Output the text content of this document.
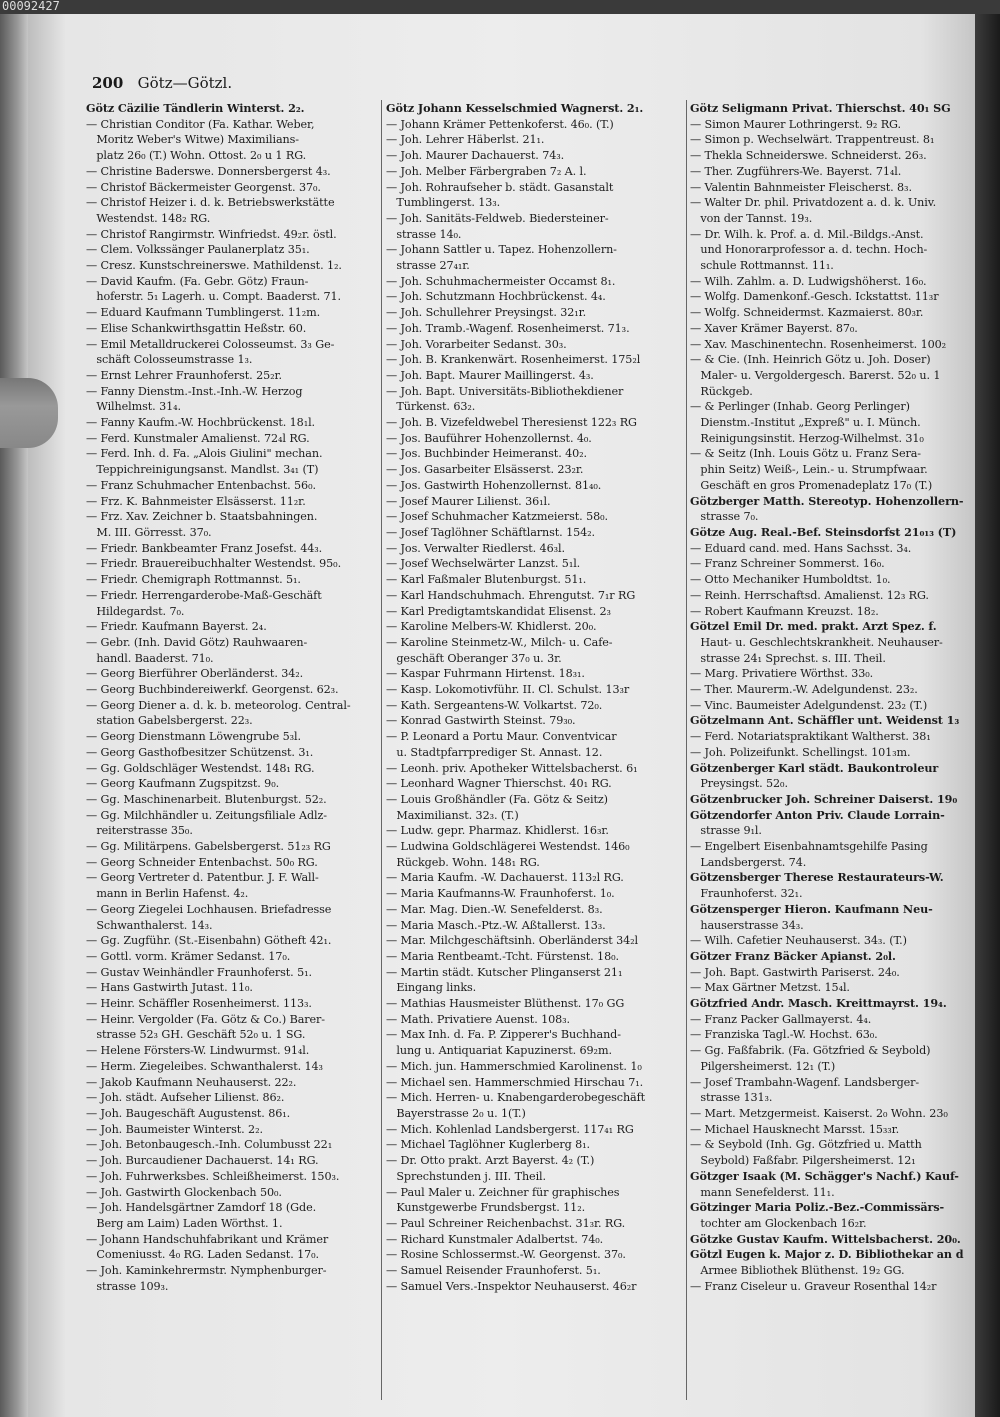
00092427
200 Götz—Götzl.
Götz Cäzilie Tändlerin Winterst. 2₂.
— Christian Conditor (Fa. Kathar. Weber,
Moritz Weber's Witwe) Maximilians-
platz 26₀ (T.) Wohn. Ottost. 2₀ u 1 RG.
— Christine Baderswe. Donnersbergerst 4₃.
— Christof Bäckermeister Georgenst. 37₀.
— Christof Heizer i. d. k. Betriebswerkstätte
Westendst. 148₂ RG.
— Christof Rangirmstr. Winfriedst. 49₂r. östl.
— Clem. Volkssänger Paulanerplatz 35₁.
— Cresz. Kunstschreinerswe. Mathildenst. 1₂.
— David Kaufm. (Fa. Gebr. Götz) Fraun-
hoferstr. 5₁ Lagerh. u. Compt. Baaderst. 71.
— Eduard Kaufmann Tumblingerst. 11₂m.
— Elise Schankwirthsgattin Heßstr. 60.
— Emil Metalldruckerei Colosseumst. 3₃ Ge-
schäft Colosseumstrasse 1₃.
— Ernst Lehrer Fraunhoferst. 25₂r.
— Fanny Dienstm.-Inst.-Inh.-W. Herzog
Wilhelmst. 31₄.
— Fanny Kaufm.-W. Hochbrückenst. 18₁l.
— Ferd. Kunstmaler Amalienst. 72₄l RG.
— Ferd. Inh. d. Fa. „Alois Giulini" mechan.
Teppichreinigungsanst. Mandlst. 3₄₁ (T)
— Franz Schuhmacher Entenbachst. 56₀.
— Frz. K. Bahnmeister Elsässerst. 11₂r.
— Frz. Xav. Zeichner b. Staatsbahningen.
M. III. Görresst. 37₀.
— Friedr. Bankbeamter Franz Josefst. 44₃.
— Friedr. Brauereibuchhalter Westendst. 95₀.
— Friedr. Chemigraph Rottmannst. 5₁.
— Friedr. Herrengarderobe-Maß-Geschäft
Hildegardst. 7₀.
— Friedr. Kaufmann Bayerst. 2₄.
— Gebr. (Inh. David Götz) Rauhwaaren-
handl. Baaderst. 71₀.
— Georg Bierführer Oberländerst. 34₂.
— Georg Buchbindereiwerkf. Georgenst. 62₃.
— Georg Diener a. d. k. b. meteorolog. Central-
station Gabelsbergerst. 22₃.
— Georg Dienstmann Löwengrube 5₃l.
— Georg Gasthofbesitzer Schützenst. 3₁.
— Gg. Goldschläger Westendst. 148₁ RG.
— Georg Kaufmann Zugspitzst. 9₀.
— Gg. Maschinenarbeit. Blutenburgst. 52₂.
— Gg. Milchhändler u. Zeitungsfiliale Adlz-
reiterstrasse 35₀.
— Gg. Militärpens. Gabelsbergerst. 51₂₃ RG
— Georg Schneider Entenbachst. 50₀ RG.
— Georg Vertreter d. Patentbur. J. F. Wall-
mann in Berlin Hafenst. 4₂.
— Georg Ziegelei Lochhausen. Briefadresse
Schwanthalerst. 14₃.
— Gg. Zugführ. (St.-Eisenbahn) Götheft 42₁.
— Gottl. vorm. Krämer Sedanst. 17₀.
— Gustav Weinhändler Fraunhoferst. 5₁.
— Hans Gastwirth Jutast. 11₀.
— Heinr. Schäffler Rosenheimerst. 113₃.
— Heinr. Vergolder (Fa. Götz & Co.) Barer-
strasse 52₃ GH. Geschäft 52₀ u. 1 SG.
— Helene Försters-W. Lindwurmst. 91₄l.
— Herm. Ziegeleibes. Schwanthalerst. 14₃
— Jakob Kaufmann Neuhauserst. 22₂.
— Joh. städt. Aufseher Lilienst. 86₂.
— Joh. Baugeschäft Augustenst. 86₁.
— Joh. Baumeister Winterst. 2₂.
— Joh. Betonbaugesch.-Inh. Columbusst 22₁
— Joh. Burcaudiener Dachauerst. 14₁ RG.
— Joh. Fuhrwerksbes. Schleißheimerst. 150₃.
— Joh. Gastwirth Glockenbach 50₀.
— Joh. Handelsgärtner Zamdorf 18 (Gde.
Berg am Laim) Laden Wörthst. 1.
— Johann Handschuhfabrikant und Krämer
Comeniusst. 4₀ RG. Laden Sedanst. 17₀.
— Joh. Kaminkehrermstr. Nymphenburger-
strasse 109₃.
Götz Johann Kesselschmied Wagnerst. 2₁.
— Johann Krämer Pettenkoferst. 46₀. (T.)
— Joh. Lehrer Häberlst. 21₁.
— Joh. Maurer Dachauerst. 74₃.
— Joh. Melber Färbergraben 7₂ A. l.
— Joh. Rohraufseher b. städt. Gasanstalt
Tumblingerst. 13₃.
— Joh. Sanitäts-Feldweb. Biedersteiner-
strasse 14₀.
— Johann Sattler u. Tapez. Hohenzollern-
strasse 27₄₁r.
— Joh. Schuhmachermeister Occamst 8₁.
— Joh. Schutzmann Hochbrückenst. 4₄.
— Joh. Schullehrer Preysingst. 32₁r.
— Joh. Tramb.-Wagenf. Rosenheimerst. 71₃.
— Joh. Vorarbeiter Sedanst. 30₃.
— Joh. B. Krankenwärt. Rosenheimerst. 175₂l
— Joh. Bapt. Maurer Maillingerst. 4₃.
— Joh. Bapt. Universitäts-Bibliothekdiener
Türkenst. 63₂.
— Joh. B. Vizefeldwebel Theresienst 122₃ RG
— Jos. Bauführer Hohenzollernst. 4₀.
— Jos. Buchbinder Heimeranst. 40₂.
— Jos. Gasarbeiter Elsässerst. 23₂r.
— Jos. Gastwirth Hohenzollernst. 81₄₀.
— Josef Maurer Lilienst. 36₁l.
— Josef Schuhmacher Katzmeierst. 58₀.
— Josef Taglöhner Schäftlarnst. 154₂.
— Jos. Verwalter Riedlerst. 46₃l.
— Josef Wechselwärter Lanzst. 5₁l.
— Karl Faßmaler Blutenburgst. 51₁.
— Karl Handschuhmach. Ehrengutst. 7₁r RG
— Karl Predigtamtskandidat Elisenst. 2₃
— Karoline Melbers-W. Khidlerst. 20₀.
— Karoline Steinmetz-W., Milch- u. Cafe-
geschäft Oberanger 37₀ u. 3r.
— Kaspar Fuhrmann Hirtenst. 18₃₁.
— Kasp. Lokomotivführ. II. Cl. Schulst. 13₃r
— Kath. Sergeantens-W. Volkartst. 72₀.
— Konrad Gastwirth Steinst. 79₃₀.
— P. Leonard a Portu Maur. Conventvicar
u. Stadtpfarrprediger St. Annast. 12.
— Leonh. priv. Apotheker Wittelsbacherst. 6₁
— Leonhard Wagner Thierschst. 40₁ RG.
— Louis Großhändler (Fa. Götz & Seitz)
Maximilianst. 32₃. (T.)
— Ludw. gepr. Pharmaz. Khidlerst. 16₃r.
— Ludwina Goldschlägerei Westendst. 146₀
Rückgeb. Wohn. 148₁ RG.
— Maria Kaufm. -W. Dachauerst. 113₂l RG.
— Maria Kaufmanns-W. Fraunhoferst. 1₀.
— Mar. Mag. Dien.-W. Senefelderst. 8₃.
— Maria Masch.-Ptz.-W. Aßtallerst. 13₃.
— Mar. Milchgeschäftsinh. Oberländerst 34₂l
— Maria Rentbeamt.-Tcht. Fürstenst. 18₀.
— Martin städt. Kutscher Plinganserst 21₁
Eingang links.
— Mathias Hausmeister Blüthenst. 17₀ GG
— Math. Privatiere Auenst. 108₃.
— Max Inh. d. Fa. P. Zipperer's Buchhand-
lung u. Antiquariat Kapuzinerst. 69₂m.
— Mich. jun. Hammerschmied Karolinenst. 1₀
— Michael sen. Hammerschmied Hirschau 7₁.
— Mich. Herren- u. Knabengarderobegeschäft
Bayerstrasse 2₀ u. 1(T.)
— Mich. Kohlenlad Landsbergerst. 117₄₁ RG
— Michael Taglöhner Kuglerberg 8₁.
— Dr. Otto prakt. Arzt Bayerst. 4₂ (T.)
Sprechstunden j. III. Theil.
— Paul Maler u. Zeichner für graphisches
Kunstgewerbe Frundsbergst. 11₂.
— Paul Schreiner Reichenbachst. 31₃r. RG.
— Richard Kunstmaler Adalbertst. 74₀.
— Rosine Schlossermst.-W. Georgenst. 37₀.
— Samuel Reisender Fraunhoferst. 5₁.
— Samuel Vers.-Inspektor Neuhauserst. 46₂r
Götz Seligmann Privat. Thierschst. 40₁ SG
— Simon Maurer Lothringerst. 9₂ RG.
— Simon p. Wechselwärt. Trappentreust. 8₁
— Thekla Schneiderswe. Schneiderst. 26₃.
— Ther. Zugführers-We. Bayerst. 71₄l.
— Valentin Bahnmeister Fleischerst. 8₃.
— Walter Dr. phil. Privatdozent a. d. k. Univ.
von der Tannst. 19₃.
— Dr. Wilh. k. Prof. a. d. Mil.-Bildgs.-Anst.
und Honorarprofessor a. d. techn. Hoch-
schule Rottmannst. 11₁.
— Wilh. Zahlm. a. D. Ludwigshöherst. 16₀.
— Wolfg. Damenkonf.-Gesch. Ickstattst. 11₃r
— Wolfg. Schneidermst. Kazmaierst. 80₃r.
— Xaver Krämer Bayerst. 87₀.
— Xav. Maschinentechn. Rosenheimerst. 100₂
— & Cie. (Inh. Heinrich Götz u. Joh. Doser)
Maler- u. Vergoldergesch. Barerst. 52₀ u. 1
Rückgeb.
— & Perlinger (Inhab. Georg Perlinger)
Dienstm.-Institut „Expreß" u. I. Münch.
Reinigungsinstit. Herzog-Wilhelmst. 31₀
— & Seitz (Inh. Louis Götz u. Franz Sera-
phin Seitz) Weiß-, Lein.- u. Strumpfwaar.
Geschäft en gros Promenadeplatz 17₀ (T.)
Götzberger Matth. Stereotyp. Hohenzollern-
strasse 7₀.
Götze Aug. Real.-Bef. Steinsdorfst 21₀₁₃ (T)
— Eduard cand. med. Hans Sachsst. 3₄.
— Franz Schreiner Sommerst. 16₀.
— Otto Mechaniker Humboldtst. 1₀.
— Reinh. Herrschaftsd. Amalienst. 12₃ RG.
— Robert Kaufmann Kreuzst. 18₂.
Götzel Emil Dr. med. prakt. Arzt Spez. f.
Haut- u. Geschlechtskrankheit. Neuhauser-
strasse 24₁ Sprechst. s. III. Theil.
— Marg. Privatiere Wörthst. 33₀.
— Ther. Maurerm.-W. Adelgundenst. 23₂.
— Vinc. Baumeister Adelgundenst. 23₂ (T.)
Götzelmann Ant. Schäffler unt. Weidenst 1₃
— Ferd. Notariatspraktikant Waltherst. 38₁
— Joh. Polizeifunkt. Schellingst. 101₃m.
Götzenberger Karl städt. Baukontroleur
Preysingst. 52₀.
Götzenbrucker Joh. Schreiner Daiserst. 19₀
Götzendorfer Anton Priv. Claude Lorrain-
strasse 9₁l.
— Engelbert Eisenbahnamtsgehilfe Pasing
Landsbergerst. 74.
Götzensberger Therese Restaurateurs-W.
Fraunhoferst. 32₁.
Götzensperger Hieron. Kaufmann Neu-
hauserstrasse 34₃.
— Wilh. Cafetier Neuhauserst. 34₃. (T.)
Götzer Franz Bäcker Apianst. 2₀l.
— Joh. Bapt. Gastwirth Pariserst. 24₀.
— Max Gärtner Metzst. 15₄l.
Götzfried Andr. Masch. Kreittmayrst. 19₄.
— Franz Packer Gallmayerst. 4₄.
— Franziska Tagl.-W. Hochst. 63₀.
— Gg. Faßfabrik. (Fa. Götzfried & Seybold)
Pilgersheimerst. 12₁ (T.)
— Josef Trambahn-Wagenf. Landsberger-
strasse 131₃.
— Mart. Metzgermeist. Kaiserst. 2₀ Wohn. 23₀
— Michael Hausknecht Marsst. 15₃₃r.
— & Seybold (Inh. Gg. Götzfried u. Matth
Seybold) Faßfabr. Pilgersheimerst. 12₁
Götzger Isaak (M. Schägger's Nachf.) Kauf-
mann Senefelderst. 11₁.
Götzinger Maria Poliz.-Bez.-Commissärs-
tochter am Glockenbach 16₂r.
Götzke Gustav Kaufm. Wittelsbacherst. 20₀.
Götzl Eugen k. Major z. D. Bibliothekar an d
Armee Bibliothek Blüthenst. 19₂ GG.
— Franz Ciseleur u. Graveur Rosenthal 14₂r
